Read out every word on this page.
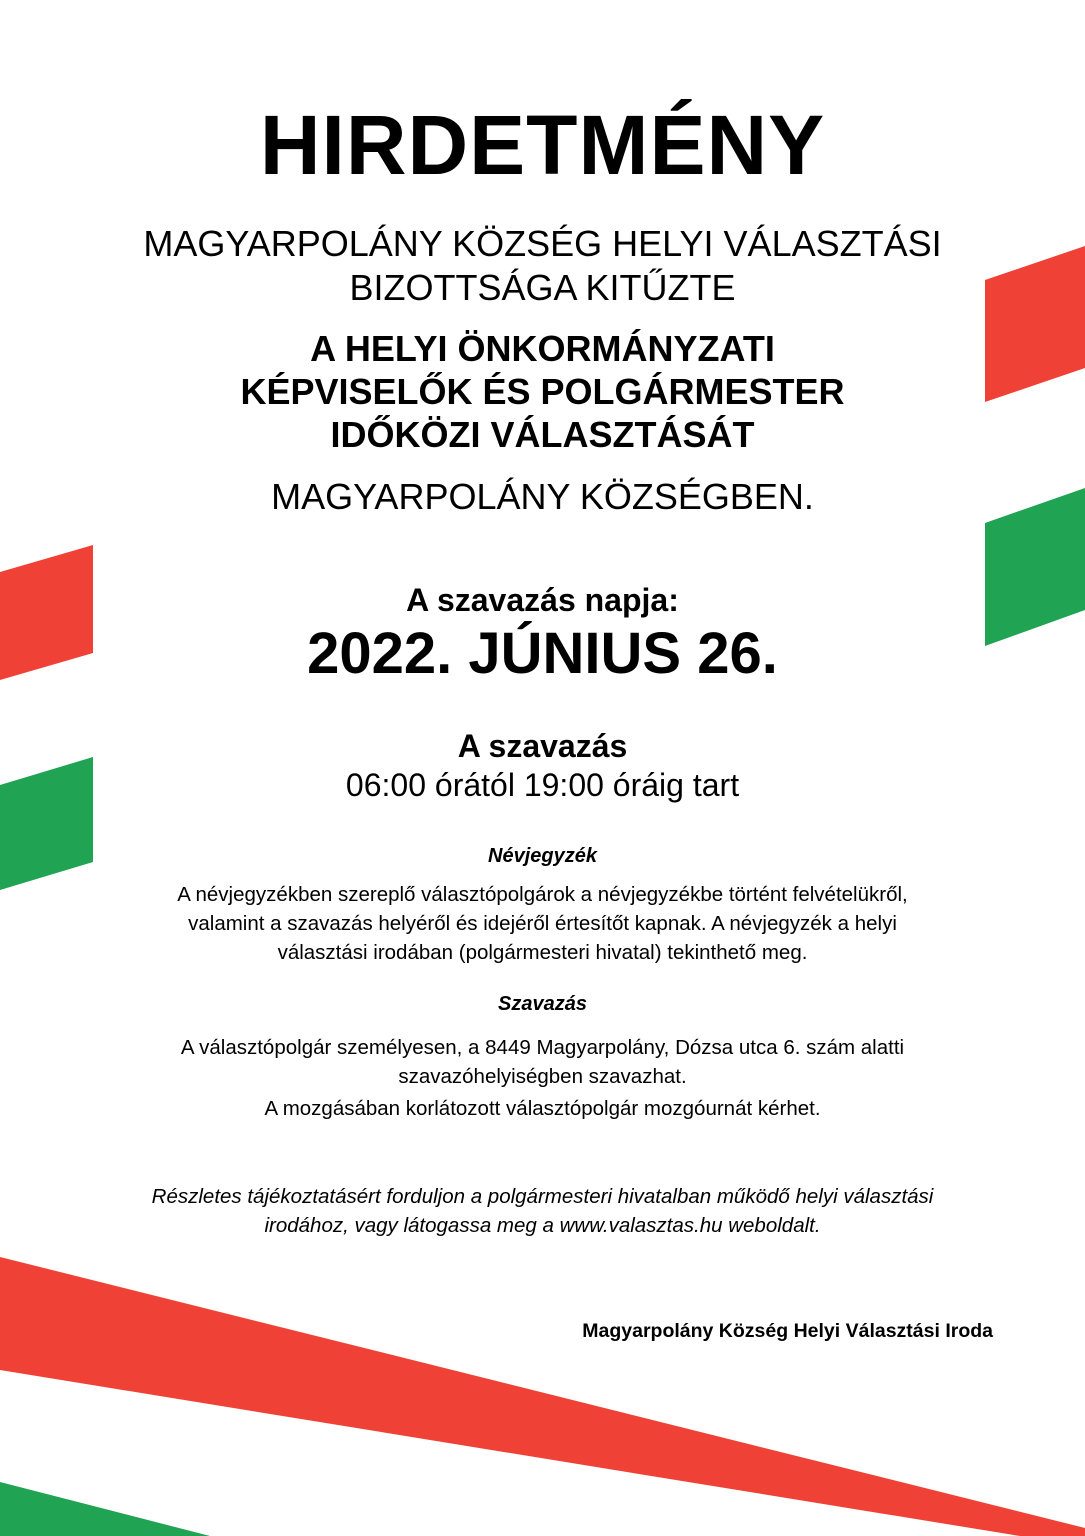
HIRDETMÉNY
MAGYARPOLÁNY KÖZSÉG HELYI VÁLASZTÁSI
BIZOTTSÁGA KITŰZTE
A HELYI ÖNKORMÁNYZATI
KÉPVISELŐK ÉS POLGÁRMESTER
IDŐKÖZI VÁLASZTÁSÁT
MAGYARPOLÁNY KÖZSÉGBEN.
A szavazás napja:
2022. JÚNIUS 26.
A szavazás
06:00 órától 19:00 óráig tart
Névjegyzék
A névjegyzékben szereplő választópolgárok a névjegyzékbe történt felvételükről,
valamint a szavazás helyéről és idejéről értesítőt kapnak. A névjegyzék a helyi
választási irodában (polgármesteri hivatal) tekinthető meg.
Szavazás
A választópolgár személyesen, a 8449 Magyarpolány, Dózsa utca 6. szám alatti
szavazóhelyiségben szavazhat.
A mozgásában korlátozott választópolgár mozgóurnát kérhet.
Részletes tájékoztatásért forduljon a polgármesteri hivatalban működő helyi választási
irodához, vagy látogassa meg a www.valasztas.hu weboldalt.
Magyarpolány Község Helyi Választási Iroda
